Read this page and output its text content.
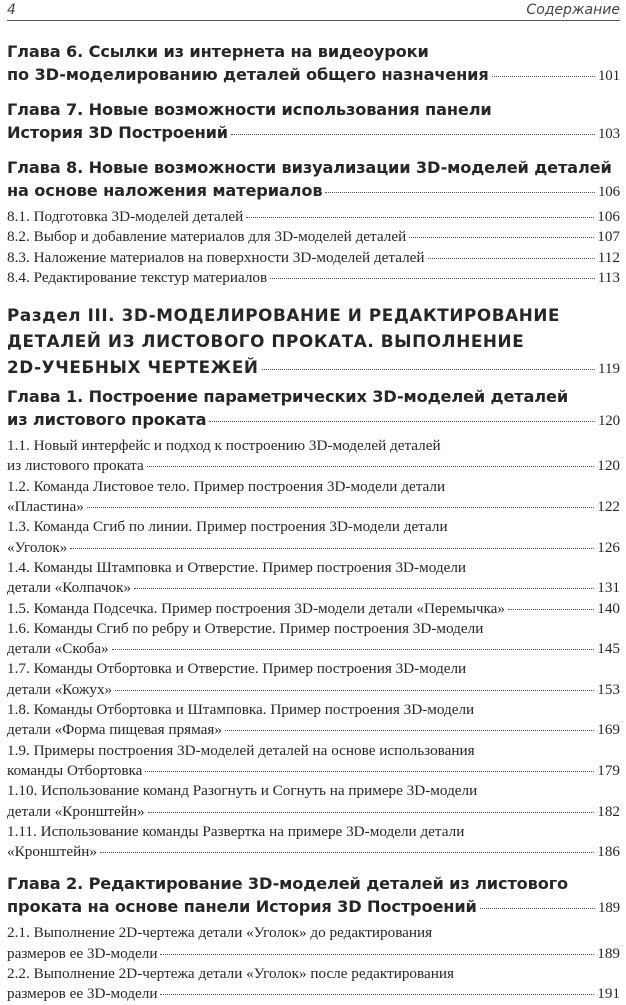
4	Содержание
Глава 6. Ссылки из интернета на видеоуроки
по 3D-моделированию деталей общего назначения	101
Глава 7. Новые возможности использования панели
История 3D Построений	103
Глава 8. Новые возможности визуализации 3D-моделей деталей
на основе наложения материалов	106
8.1. Подготовка 3D-моделей деталей	106
8.2. Выбор и добавление материалов для 3D-моделей деталей	107
8.3. Наложение материалов на поверхности 3D-моделей деталей	112
8.4. Редактирование текстур материалов	113
Раздел III. 3D-МОДЕЛИРОВАНИЕ И РЕДАКТИРОВАНИЕ
ДЕТАЛЕЙ ИЗ ЛИСТОВОГО ПРОКАТА. ВЫПОЛНЕНИЕ
2D-УЧЕБНЫХ ЧЕРТЕЖЕЙ	119
Глава 1. Построение параметрических 3D-моделей деталей
из листового проката	120
1.1. Новый интерфейс и подход к построению 3D-моделей деталей
из листового проката	120
1.2. Команда Листовое тело. Пример построения 3D-модели детали
«Пластина»	122
1.3. Команда Сгиб по линии. Пример построения 3D-модели детали
«Уголок»	126
1.4. Команды Штамповка и Отверстие. Пример построения 3D-модели
детали «Колпачок»	131
1.5. Команда Подсечка. Пример построения 3D-модели детали «Перемычка»	140
1.6. Команды Сгиб по ребру и Отверстие. Пример построения 3D-модели
детали «Скоба»	145
1.7. Команды Отбортовка и Отверстие. Пример построения 3D-модели
детали «Кожух»	153
1.8. Команды Отбортовка и Штамповка. Пример построения 3D-модели
детали «Форма пищевая прямая»	169
1.9. Примеры построения 3D-моделей деталей на основе использования
команды Отбортовка	179
1.10. Использование команд Разогнуть и Согнуть на примере 3D-модели
детали «Кронштейн»	182
1.11. Использование команды Развертка на примере 3D-модели детали
«Кронштейн»	186
Глава 2. Редактирование 3D-моделей деталей из листового
проката на основе панели История 3D Построений	189
2.1. Выполнение 2D-чертежа детали «Уголок» до редактирования
размеров ее 3D-модели	189
2.2. Выполнение 2D-чертежа детали «Уголок» после редактирования
размеров ее 3D-модели	191
